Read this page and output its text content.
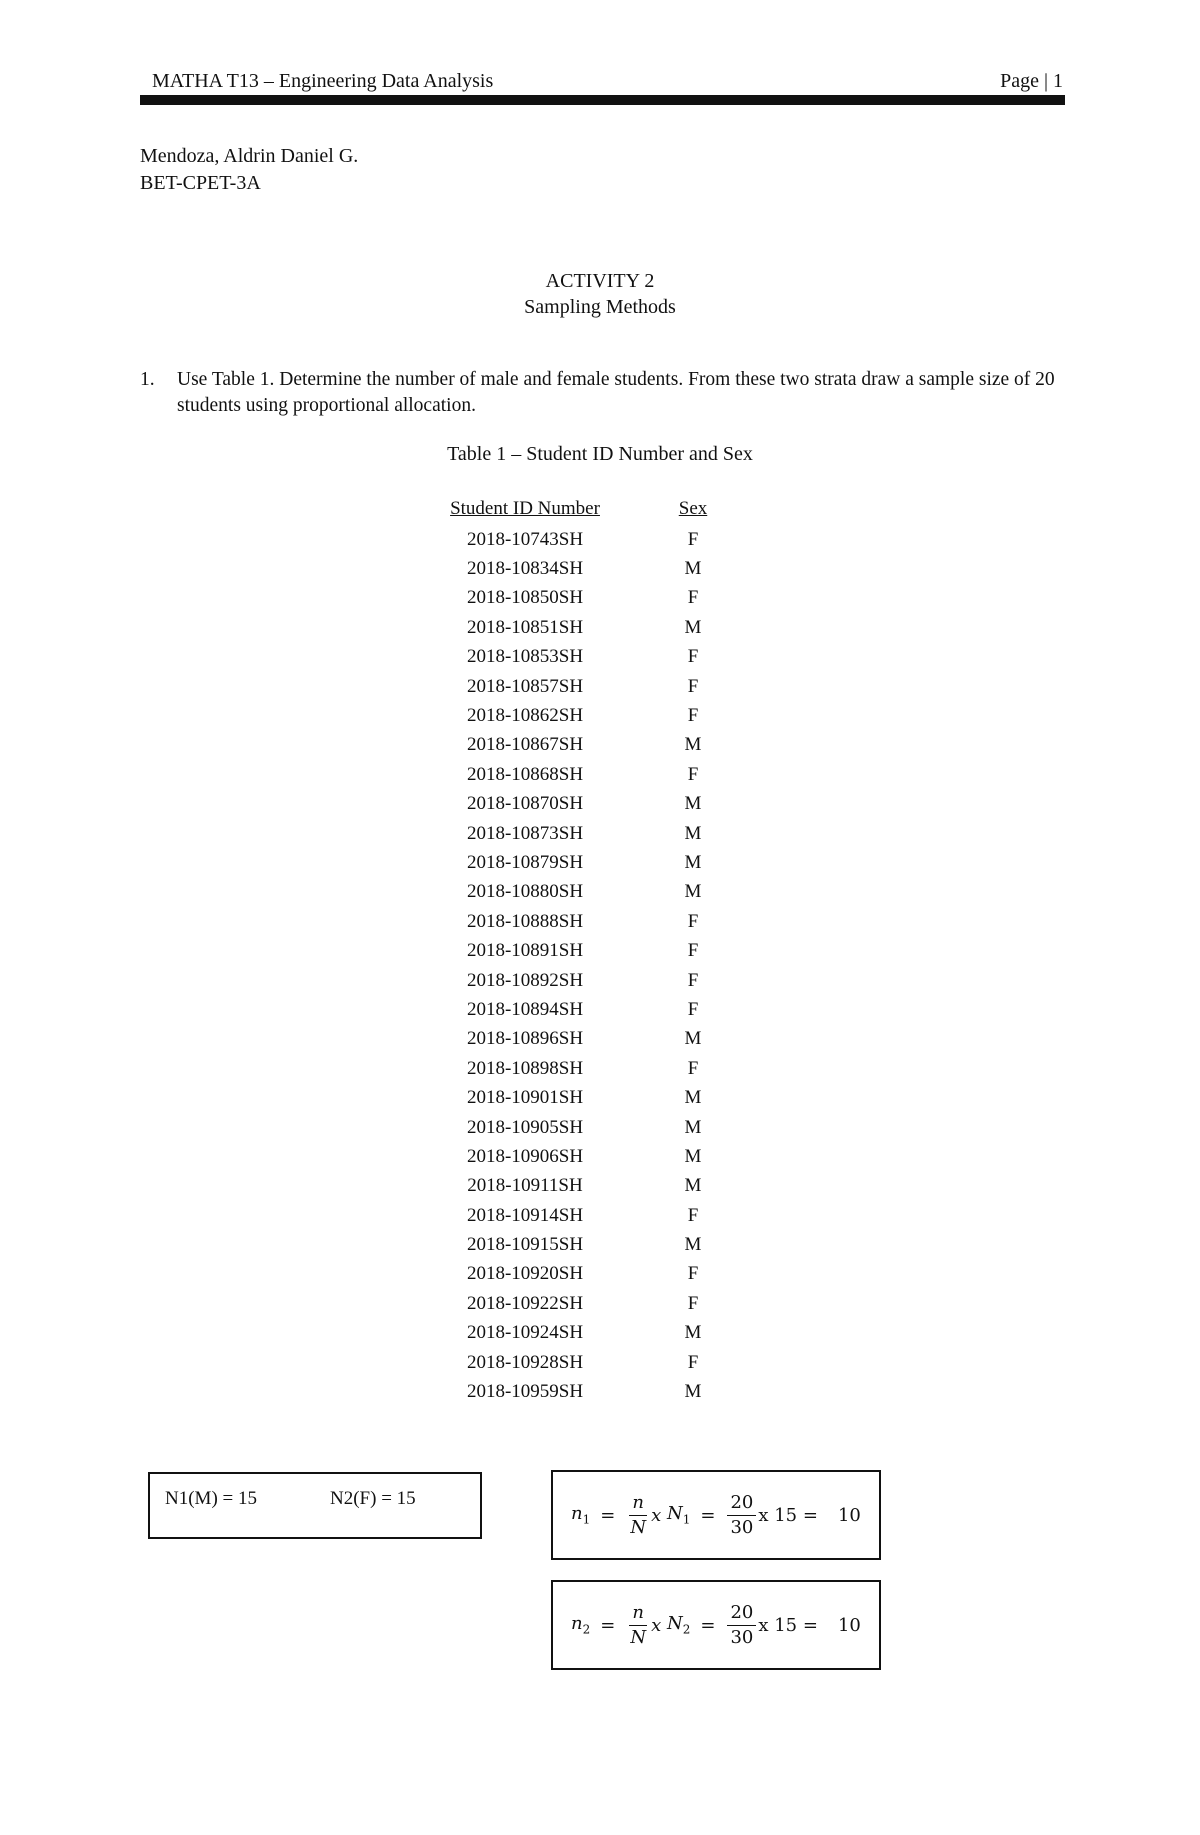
MATHA T13 – Engineering Data Analysis	Page | 1
Mendoza, Aldrin Daniel G.
BET-CPET-3A
ACTIVITY 2
Sampling Methods
1. Use Table 1. Determine the number of male and female students. From these two strata draw a sample size of 20 students using proportional allocation.
Table 1 – Student ID Number and Sex
Student ID Number	Sex
2018-10743SH	F
2018-10834SH	M
2018-10850SH	F
2018-10851SH	M
2018-10853SH	F
2018-10857SH	F
2018-10862SH	F
2018-10867SH	M
2018-10868SH	F
2018-10870SH	M
2018-10873SH	M
2018-10879SH	M
2018-10880SH	M
2018-10888SH	F
2018-10891SH	F
2018-10892SH	F
2018-10894SH	F
2018-10896SH	M
2018-10898SH	F
2018-10901SH	M
2018-10905SH	M
2018-10906SH	M
2018-10911SH	M
2018-10914SH	F
2018-10915SH	M
2018-10920SH	F
2018-10922SH	F
2018-10924SH	M
2018-10928SH	F
2018-10959SH	M
N1(M) = 15	N2(F) = 15
$n_1 = \frac{n}{N}$ x $N_1 = \frac{20}{30}$ x 15 = 10
$n_2 = \frac{n}{N}$ x $N_2 = \frac{20}{30}$ x 15 = 10
